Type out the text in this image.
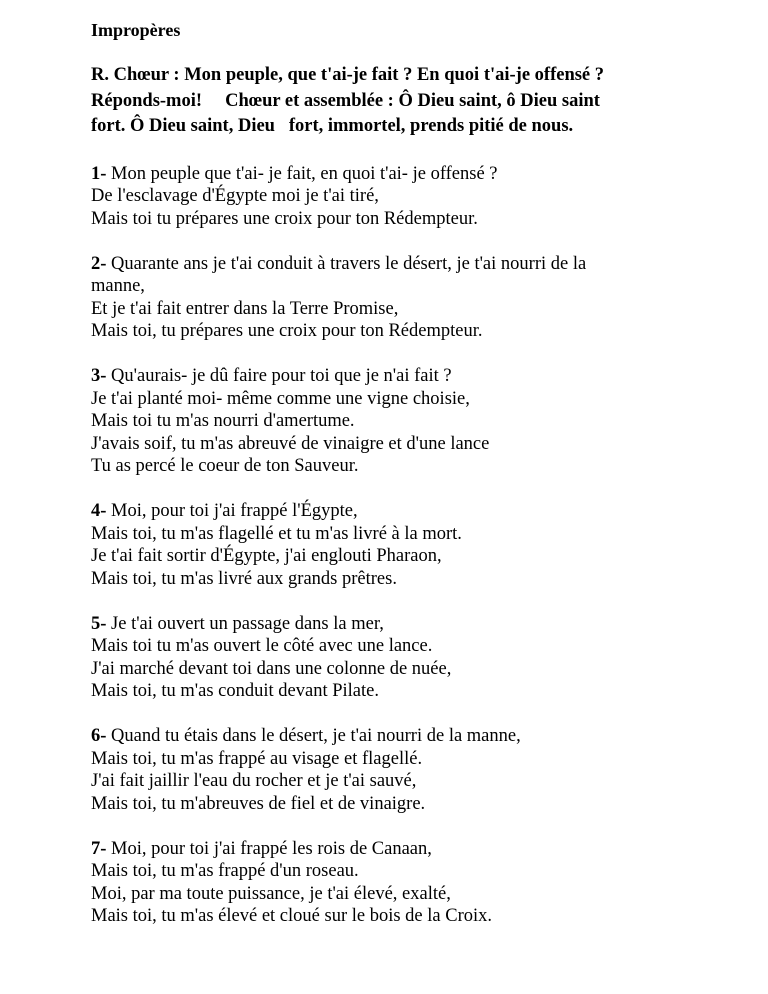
Impropères
R. Chœur : Mon peuple, que t'ai-je fait ? En quoi t'ai-je offensé ?
Réponds-moi!     Chœur et assemblée : Ô Dieu saint, ô Dieu saint
fort. Ô Dieu saint, Dieu   fort, immortel, prends pitié de nous.
1- Mon peuple que t'ai- je fait, en quoi t'ai- je offensé ?
De l'esclavage d'Égypte moi je t'ai tiré,
Mais toi tu prépares une croix pour ton Rédempteur.
2- Quarante ans je t'ai conduit à travers le désert, je t'ai nourri de la
manne,
Et je t'ai fait entrer dans la Terre Promise,
Mais toi, tu prépares une croix pour ton Rédempteur.
3- Qu'aurais- je dû faire pour toi que je n'ai fait ?
Je t'ai planté moi- même comme une vigne choisie,
Mais toi tu m'as nourri d'amertume.
J'avais soif, tu m'as abreuvé de vinaigre et d'une lance
Tu as percé le coeur de ton Sauveur.
4- Moi, pour toi j'ai frappé l'Égypte,
Mais toi, tu m'as flagellé et tu m'as livré à la mort.
Je t'ai fait sortir d'Égypte, j'ai englouti Pharaon,
Mais toi, tu m'as livré aux grands prêtres.
5- Je t'ai ouvert un passage dans la mer,
Mais toi tu m'as ouvert le côté avec une lance.
J'ai marché devant toi dans une colonne de nuée,
Mais toi, tu m'as conduit devant Pilate.
6- Quand tu étais dans le désert, je t'ai nourri de la manne,
Mais toi, tu m'as frappé au visage et flagellé.
J'ai fait jaillir l'eau du rocher et je t'ai sauvé,
Mais toi, tu m'abreuves de fiel et de vinaigre.
7- Moi, pour toi j'ai frappé les rois de Canaan,
Mais toi, tu m'as frappé d'un roseau.
Moi, par ma toute puissance, je t'ai élevé, exalté,
Mais toi, tu m'as élevé et cloué sur le bois de la Croix.
